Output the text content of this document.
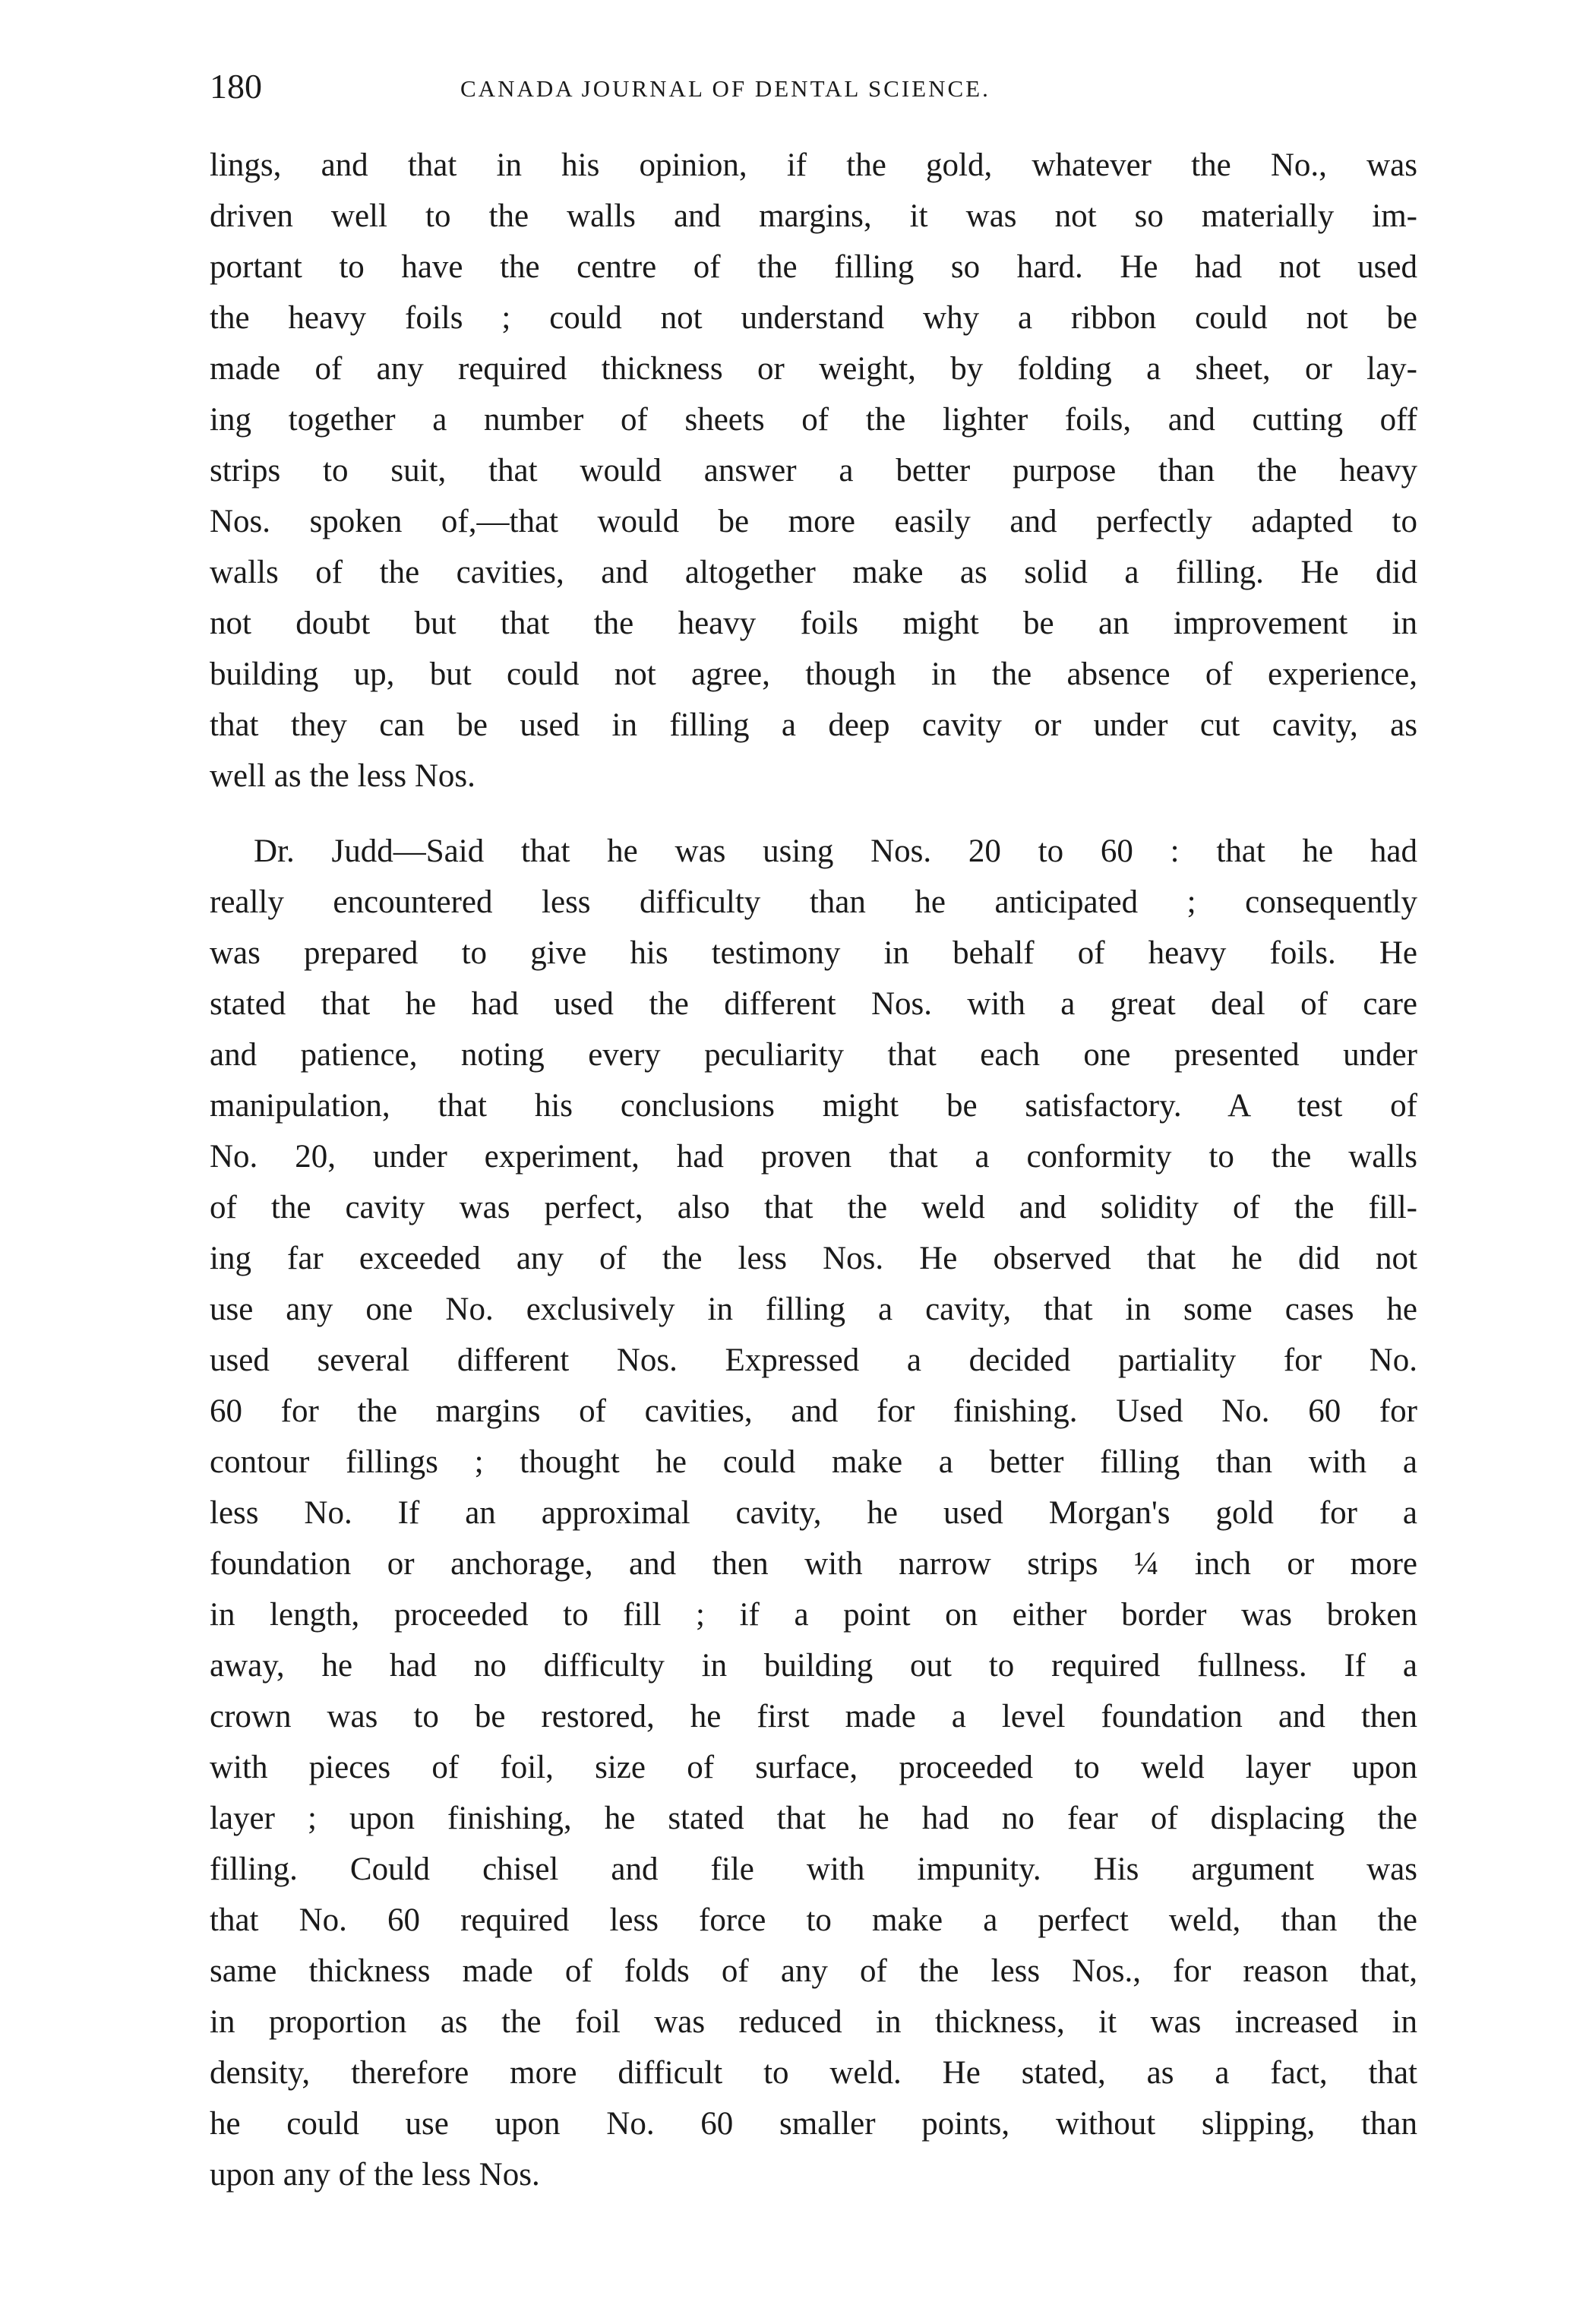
180	CANADA JOURNAL OF DENTAL SCIENCE.
lings, and that in his opinion, if the gold, whatever the No., was
driven well to the walls and margins, it was not so materially im-
portant to have the centre of the filling so hard. He had not used
the heavy foils ; could not understand why a ribbon could not be
made of any required thickness or weight, by folding a sheet, or lay-
ing together a number of sheets of the lighter foils, and cutting off
strips to suit, that would answer a better purpose than the heavy
Nos. spoken of,—that would be more easily and perfectly adapted to
walls of the cavities, and altogether make as solid a filling. He did
not doubt but that the heavy foils might be an improvement in
building up, but could not agree, though in the absence of experience,
that they can be used in filling a deep cavity or under cut cavity, as
well as the less Nos.
Dr. Judd—Said that he was using Nos. 20 to 60 : that he had
really encountered less difficulty than he anticipated ; consequently
was prepared to give his testimony in behalf of heavy foils. He
stated that he had used the different Nos. with a great deal of care
and patience, noting every peculiarity that each one presented under
manipulation, that his conclusions might be satisfactory. A test of
No. 20, under experiment, had proven that a conformity to the walls
of the cavity was perfect, also that the weld and solidity of the fill-
ing far exceeded any of the less Nos. He observed that he did not
use any one No. exclusively in filling a cavity, that in some cases he
used several different Nos. Expressed a decided partiality for No.
60 for the margins of cavities, and for finishing. Used No. 60 for
contour fillings ; thought he could make a better filling than with a
less No. If an approximal cavity, he used Morgan's gold for a
foundation or anchorage, and then with narrow strips ¼ inch or more
in length, proceeded to fill ; if a point on either border was broken
away, he had no difficulty in building out to required fullness. If a
crown was to be restored, he first made a level foundation and then
with pieces of foil, size of surface, proceeded to weld layer upon
layer ; upon finishing, he stated that he had no fear of displacing the
filling. Could chisel and file with impunity. His argument was
that No. 60 required less force to make a perfect weld, than the
same thickness made of folds of any of the less Nos., for reason that,
in proportion as the foil was reduced in thickness, it was increased in
density, therefore more difficult to weld. He stated, as a fact, that
he could use upon No. 60 smaller points, without slipping, than
upon any of the less Nos.
